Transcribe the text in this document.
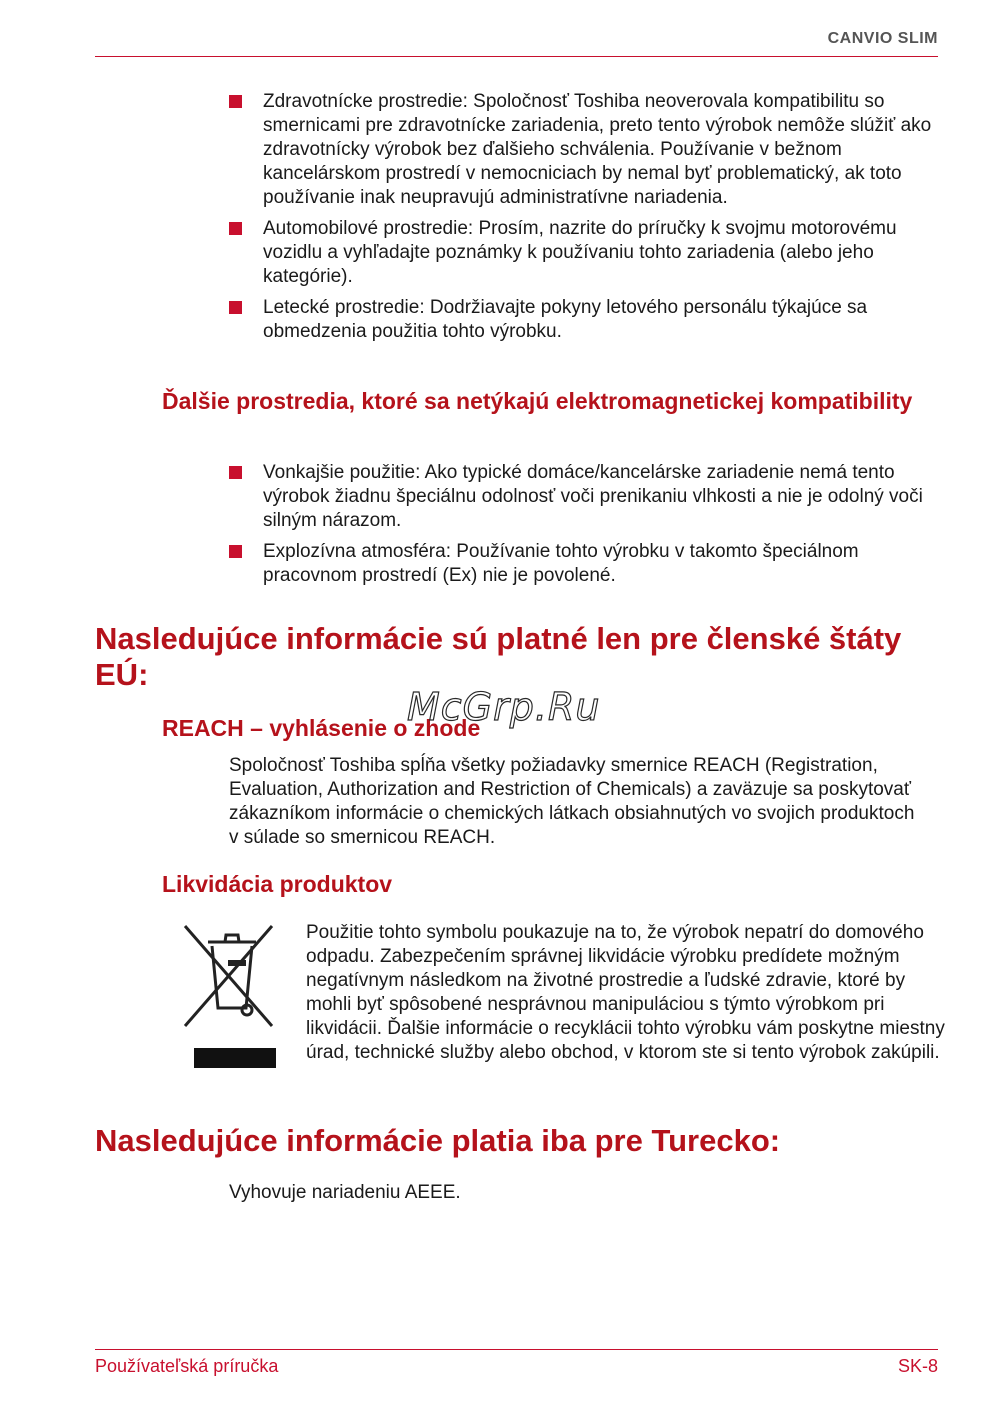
CANVIO SLIM
Zdravotnícke prostredie: Spoločnosť Toshiba neoverovala kompatibilitu so smernicami pre zdravotnícke zariadenia, preto tento výrobok nemôže slúžiť ako zdravotnícky výrobok bez ďalšieho schválenia. Používanie v bežnom kancelárskom prostredí v nemocniciach by nemal byť problematický, ak toto používanie inak neupravujú administratívne nariadenia.
Automobilové prostredie: Prosím, nazrite do príručky k svojmu motorovému vozidlu a vyhľadajte poznámky k používaniu tohto zariadenia (alebo jeho kategórie).
Letecké prostredie: Dodržiavajte pokyny letového personálu týkajúce sa obmedzenia použitia tohto výrobku.
Ďalšie prostredia, ktoré sa netýkajú elektromagnetickej kompatibility
Vonkajšie použitie: Ako typické domáce/kancelárske zariadenie nemá tento výrobok žiadnu špeciálnu odolnosť voči prenikaniu vlhkosti a nie je odolný voči silným nárazom.
Explozívna atmosféra: Používanie tohto výrobku v takomto špeciálnom pracovnom prostredí (Ex) nie je povolené.
Nasledujúce informácie sú platné len pre členské štáty EÚ:
REACH – vyhlásenie o zhode

Spoločnosť Toshiba spĺňa všetky požiadavky smernice REACH (Registration, Evaluation, Authorization and Restriction of Chemicals) a zaväzuje sa poskytovať zákazníkom informácie o chemických látkach obsiahnutých vo svojich produktoch v súlade so smernicou REACH.

Likvidácia produktov

Použitie tohto symbolu poukazuje na to, že výrobok nepatrí do domového odpadu. Zabezpečením správnej likvidácie výrobku predídete možným negatívnym následkom na životné prostredie a ľudské zdravie, ktoré by mohli byť spôsobené nesprávnou manipuláciou s týmto výrobkom pri likvidácii. Ďalšie informácie o recyklácii tohto výrobku vám poskytne miestny úrad, technické služby alebo obchod, v ktorom ste si tento výrobok zakúpili.

Nasledujúce informácie platia iba pre Turecko:

Vyhovuje nariadeniu AEEE.

McGrp.Ru
Používateľská príručka	SK-8
